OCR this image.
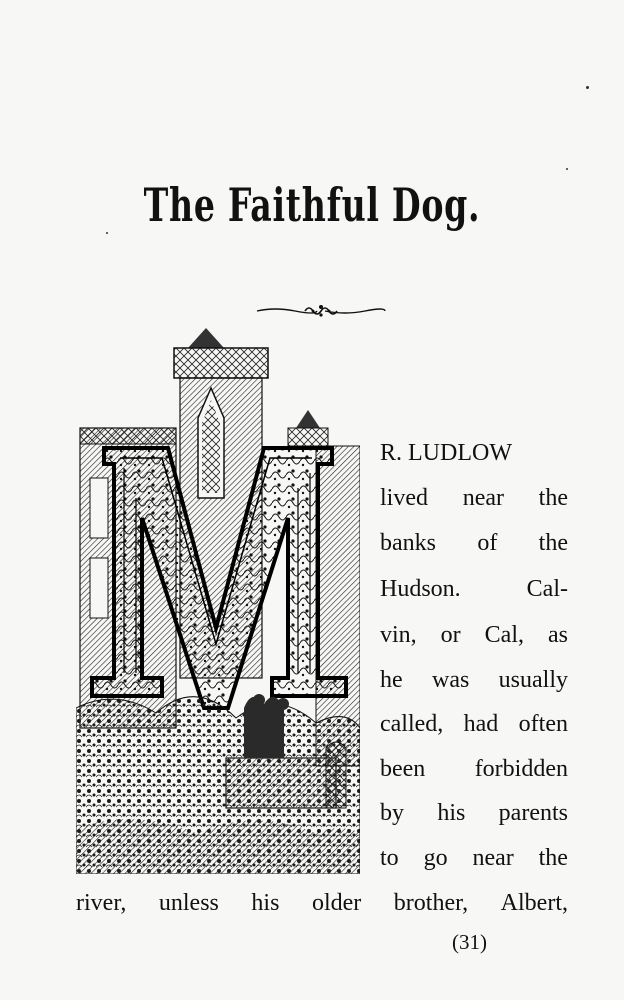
The Faithful Dog.
R. LUDLOW
lived near the
banks of the
Hudson.	Cal-
vin, or Cal, as
he was usually
called, had often
been forbidden
by his parents
to go near the
river, unless his older brother, Albert,
(31)
